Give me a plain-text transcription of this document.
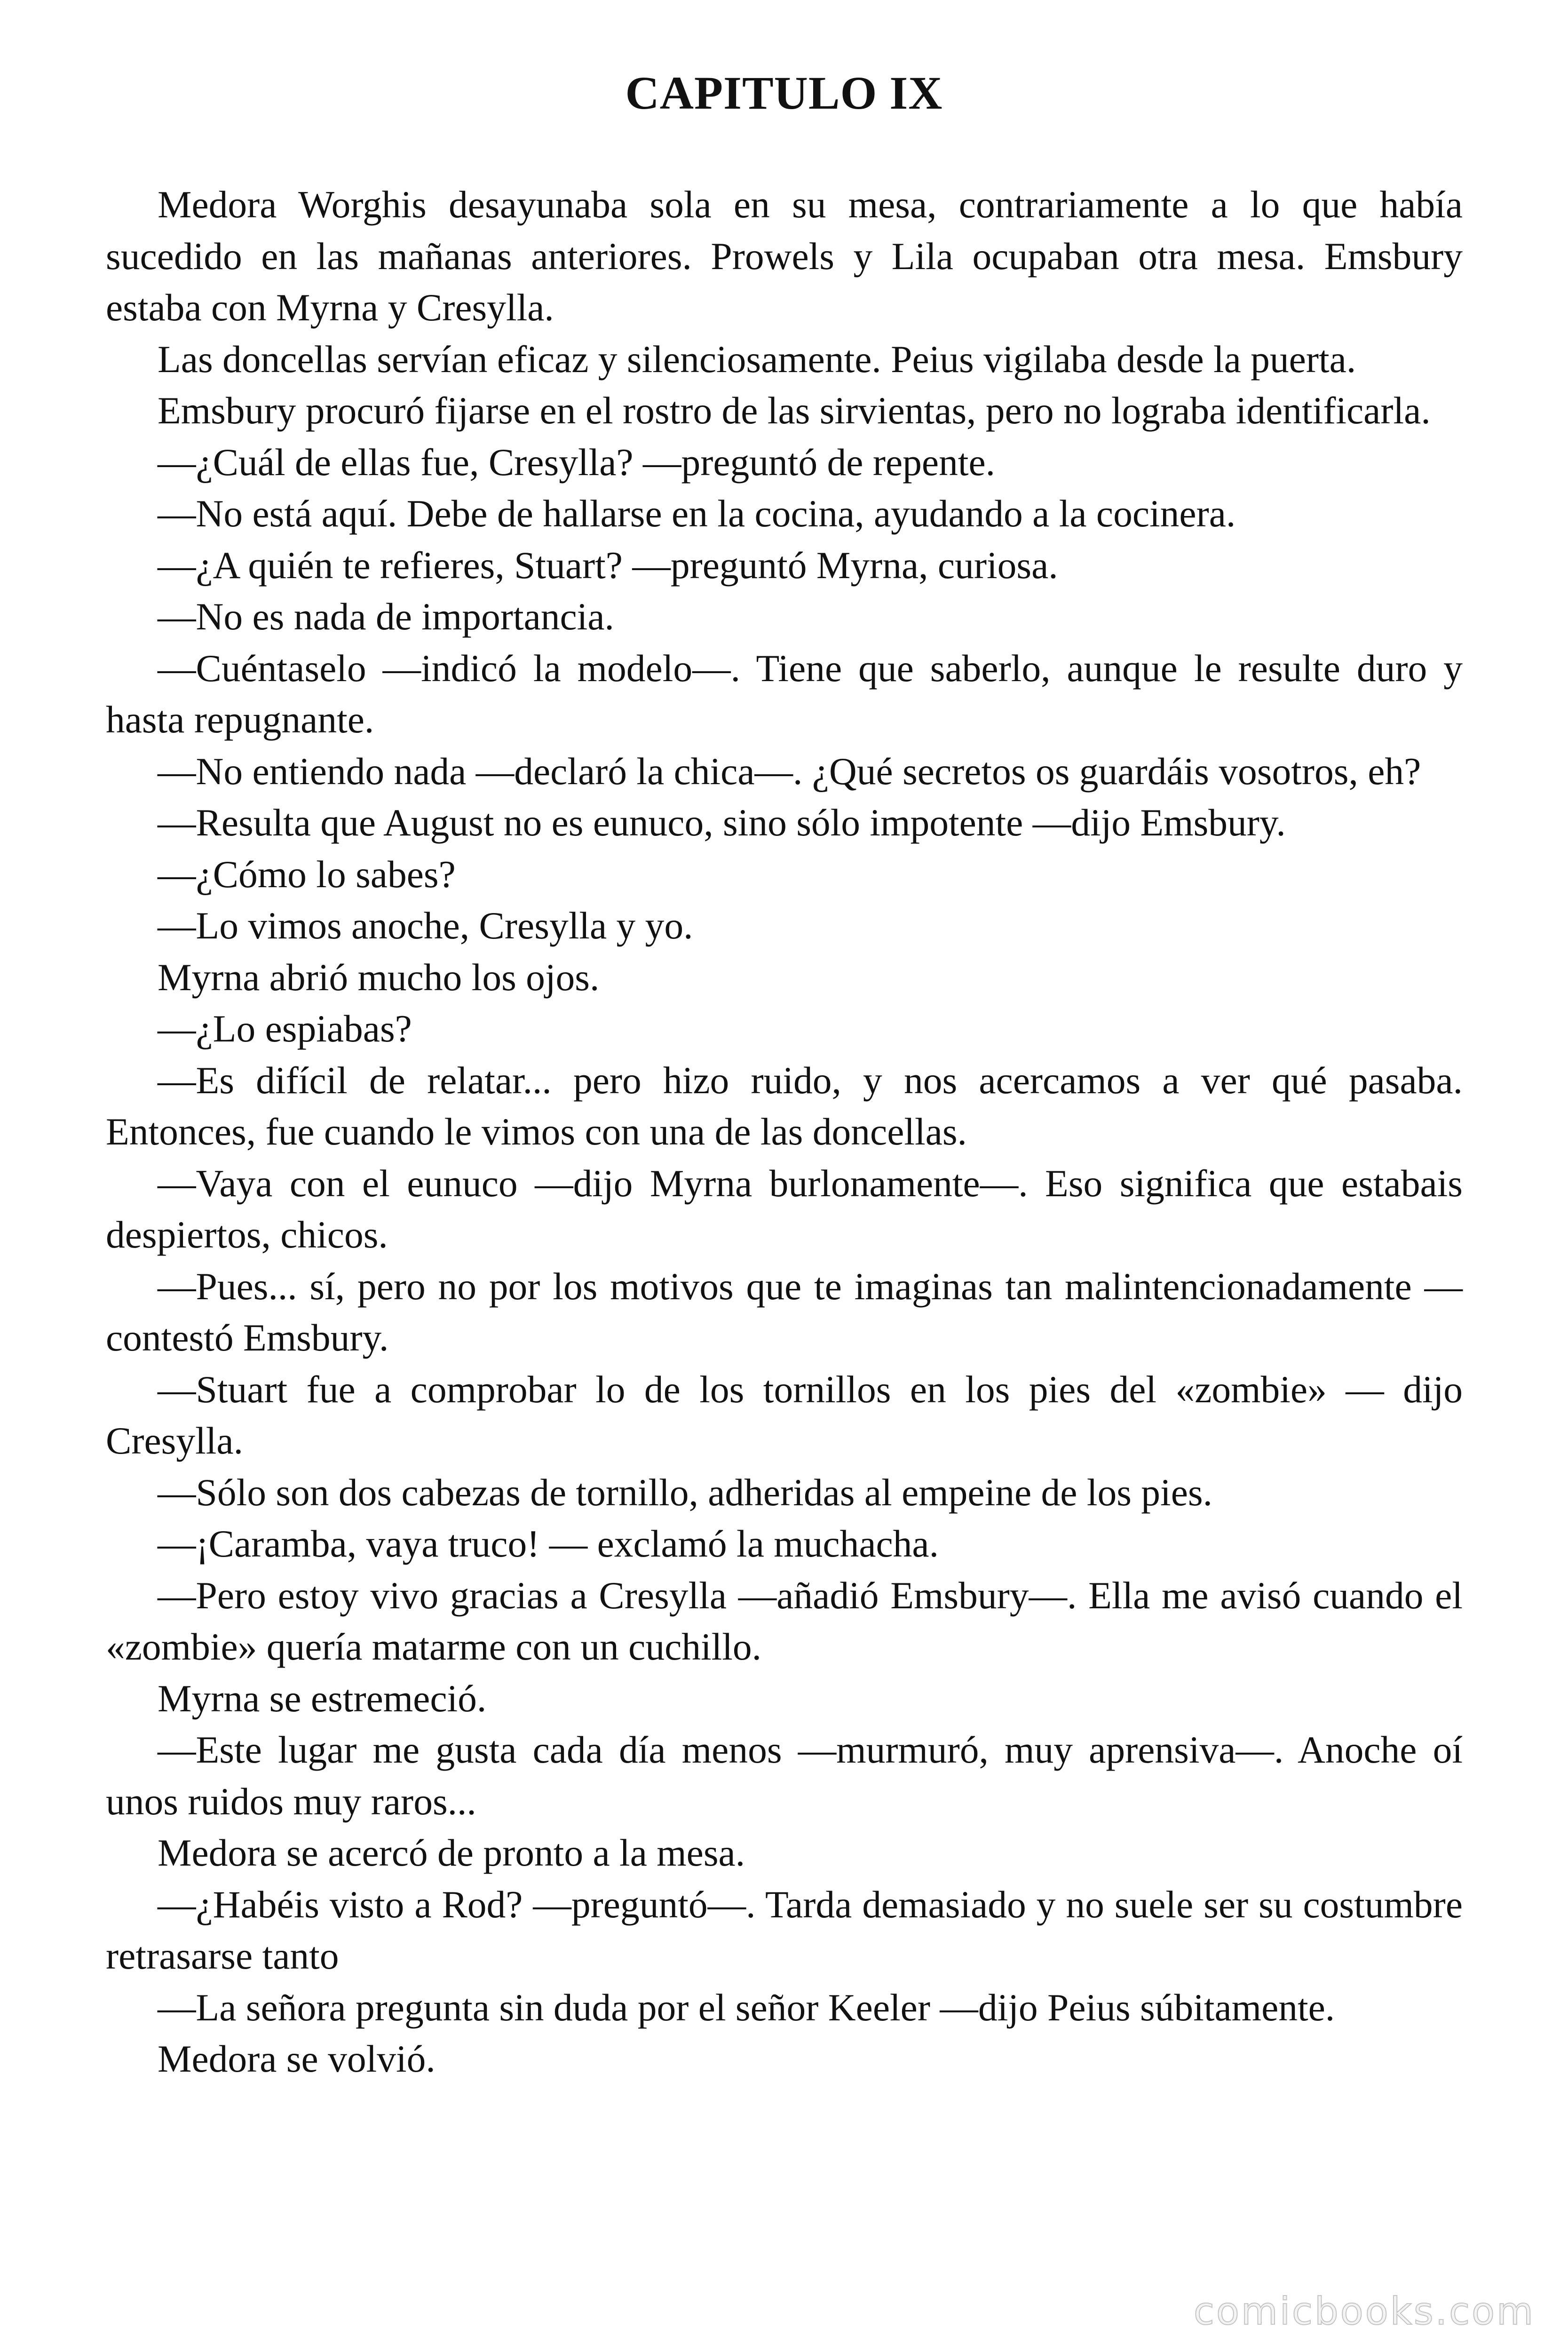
CAPITULO IX

Medora Worghis desayunaba sola en su mesa, contrariamente a lo que había sucedido en las mañanas anteriores. Prowels y Lila ocupaban otra mesa. Emsbury estaba con Myrna y Cresylla.

Las doncellas servían eficaz y silenciosamente. Peius vigilaba desde la puerta.

Emsbury procuró fijarse en el rostro de las sirvientas, pero no lograba identificarla.

—¿Cuál de ellas fue, Cresylla? —preguntó de repente.

—No está aquí. Debe de hallarse en la cocina, ayudando a la cocinera.

—¿A quién te refieres, Stuart? —preguntó Myrna, curiosa.

—No es nada de importancia.

—Cuéntaselo —indicó la modelo—. Tiene que saberlo, aunque le resulte duro y hasta repugnante.

—No entiendo nada —declaró la chica—. ¿Qué secretos os guardáis vosotros, eh?

—Resulta que August no es eunuco, sino sólo impotente —dijo Emsbury.

—¿Cómo lo sabes?

—Lo vimos anoche, Cresylla y yo.

Myrna abrió mucho los ojos.

—¿Lo espiabas?

—Es difícil de relatar... pero hizo ruido, y nos acercamos a ver qué pasaba. Entonces, fue cuando le vimos con una de las doncellas.

—Vaya con el eunuco —dijo Myrna burlonamente—. Eso significa que estabais despiertos, chicos.

—Pues... sí, pero no por los motivos que te imaginas tan malintencionadamente —contestó Emsbury.

—Stuart fue a comprobar lo de los tornillos en los pies del «zombie» — dijo Cresylla.

—Sólo son dos cabezas de tornillo, adheridas al empeine de los pies.

—¡Caramba, vaya truco! — exclamó la muchacha.

—Pero estoy vivo gracias a Cresylla —añadió Emsbury—. Ella me avisó cuando el «zombie» quería matarme con un cuchillo.

Myrna se estremeció.

—Este lugar me gusta cada día menos —murmuró, muy aprensiva—. Anoche oí unos ruidos muy raros...

Medora se acercó de pronto a la mesa.

—¿Habéis visto a Rod? —preguntó—. Tarda demasiado y no suele ser su costumbre retrasarse tanto

—La señora pregunta sin duda por el señor Keeler —dijo Peius súbitamente.

Medora se volvió.

comicbooks.com
